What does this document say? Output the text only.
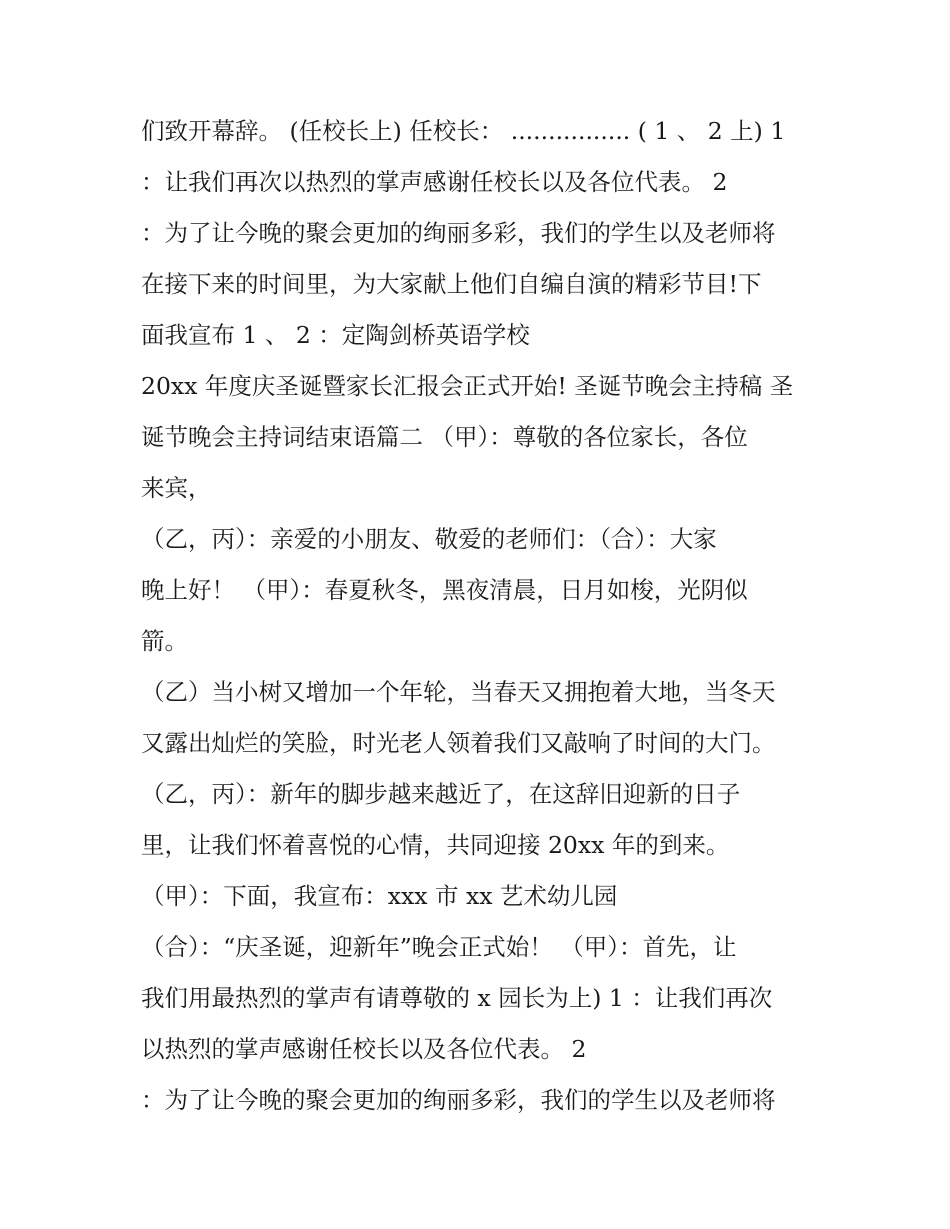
们致开幕辞。 (任校长上) 任校长： ................ ( 1 、 2 上) 1
：让我们再次以热烈的掌声感谢任校长以及各位代表。 2
：为了让今晚的聚会更加的绚丽多彩，我们的学生以及老师将
在接下来的时间里，为大家献上他们自编自演的精彩节目!下
面我宣布 1 、 2 ：定陶剑桥英语学校
20xx 年度庆圣诞暨家长汇报会正式开始! 圣诞节晚会主持稿 圣
诞节晚会主持词结束语篇二 （甲）：尊敬的各位家长，各位
来宾，
（乙，丙）：亲爱的小朋友、敬爱的老师们：（合）：大家
晚上好！ （甲）：春夏秋冬，黑夜清晨，日月如梭，光阴似
箭。
（乙）当小树又增加一个年轮，当春天又拥抱着大地，当冬天
又露出灿烂的笑脸，时光老人领着我们又敲响了时间的大门。
（乙，丙）：新年的脚步越来越近了，在这辞旧迎新的日子
里，让我们怀着喜悦的心情，共同迎接 20xx 年的到来。
（甲）：下面，我宣布：xxx 市 xx 艺术幼儿园
（合）：“庆圣诞，迎新年”晚会正式始！ （甲）：首先，让
我们用最热烈的掌声有请尊敬的 x 园长为上) 1 ：让我们再次
以热烈的掌声感谢任校长以及各位代表。 2
：为了让今晚的聚会更加的绚丽多彩，我们的学生以及老师将
